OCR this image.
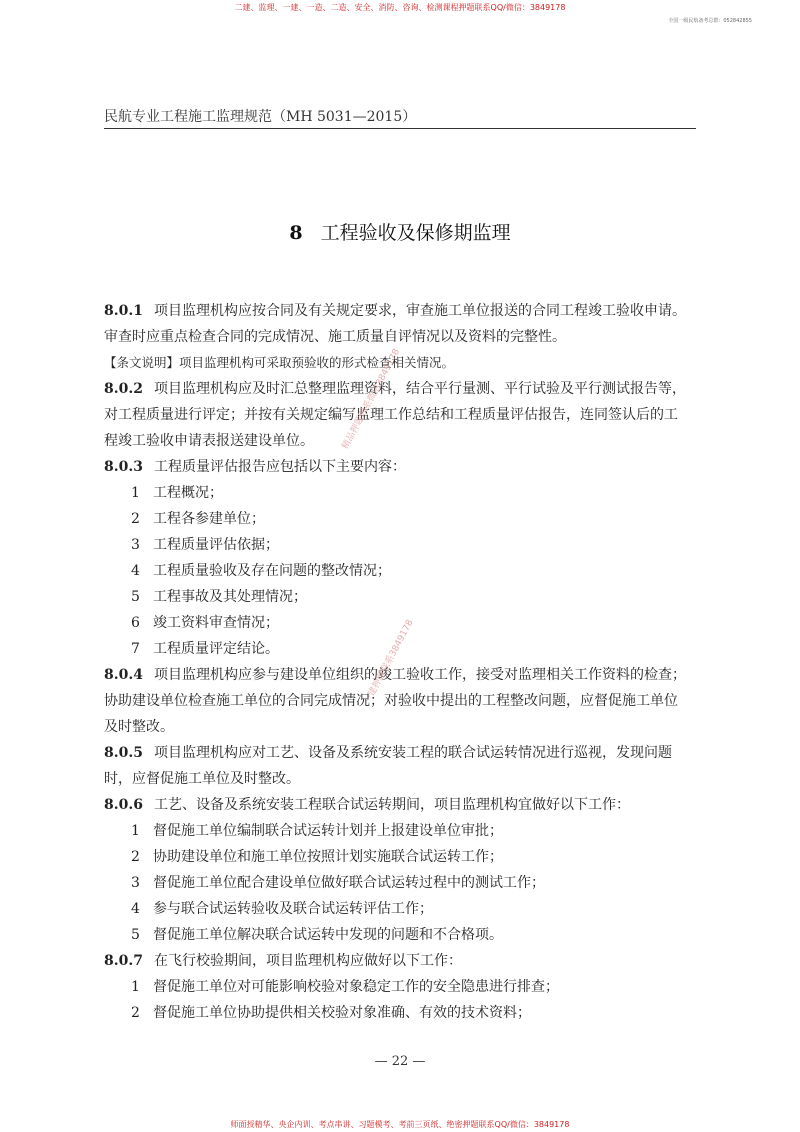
二建、监理、一建、一造、二造、安全、消防、咨询、检测课程押题联系QQ/微信：3849178
全国一级民航备考总群：052842855
民航专业工程施工监理规范（MH 5031—2015）
8 工程验收及保修期监理
8.0.1 项目监理机构应按合同及有关规定要求，审查施工单位报送的合同工程竣工验收申请。
审查时应重点检查合同的完成情况、施工质量自评情况以及资料的完整性。
【条文说明】项目监理机构可采取预验收的形式检查相关情况。
8.0.2 项目监理机构应及时汇总整理监理资料，结合平行量测、平行试验及平行测试报告等，
对工程质量进行评定；并按有关规定编写监理工作总结和工程质量评估报告，连同签认后的工
程竣工验收申请表报送建设单位。
8.0.3 工程质量评估报告应包括以下主要内容：
1 工程概况；
2 工程各参建单位；
3 工程质量评估依据；
4 工程质量验收及存在问题的整改情况；
5 工程事故及其处理情况；
6 竣工资料审查情况；
7 工程质量评定结论。
8.0.4 项目监理机构应参与建设单位组织的竣工验收工作，接受对监理相关工作资料的检查；
协助建设单位检查施工单位的合同完成情况；对验收中提出的工程整改问题，应督促施工单位
及时整改。
8.0.5 项目监理机构应对工艺、设备及系统安装工程的联合试运转情况进行巡视，发现问题
时，应督促施工单位及时整改。
8.0.6 工艺、设备及系统安装工程联合试运转期间，项目监理机构宜做好以下工作：
1 督促施工单位编制联合试运转计划并上报建设单位审批；
2 协助建设单位和施工单位按照计划实施联合试运转工作；
3 督促施工单位配合建设单位做好联合试运转过程中的测试工作；
4 参与联合试运转验收及联合试运转评估工作；
5 督促施工单位解决联合试运转中发现的问题和不合格项。
8.0.7 在飞行校验期间，项目监理机构应做好以下工作：
1 督促施工单位对可能影响校验对象稳定工作的安全隐患进行排查；
2 督促施工单位协助提供相关校验对象准确、有效的技术资料；
精品押题联系微信3849178
一建押题联系3849178
— 22 —
师面授精华、央企内训、考点串讲、习题模考、考前三页纸、绝密押题联系QQ/微信：3849178
